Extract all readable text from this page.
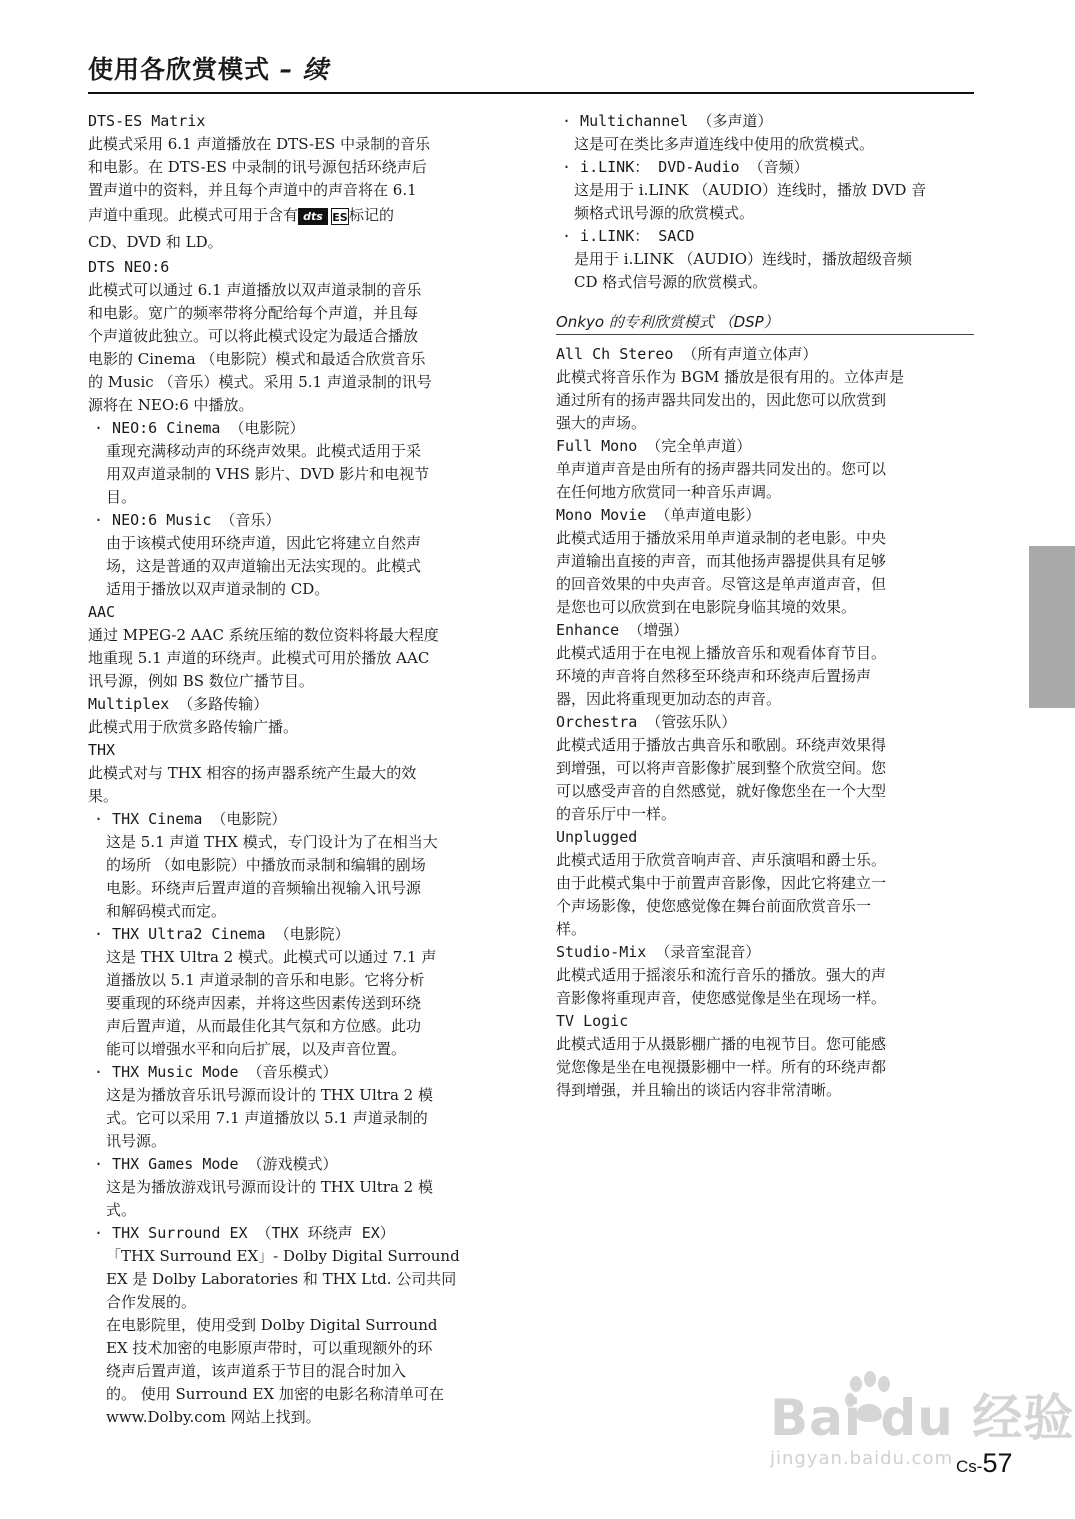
使用各欣赏模式 – 续

DTS-ES Matrix

此模式采用 6.1 声道播放在 DTS-ES 中录制的音乐

和电影。在 DTS-ES 中录制的讯号源包括环绕声后

置声道中的资料，并且每个声道中的声音将在 6.1

声道中重现。此模式可用于含有 dts ES标记的

CD、DVD 和 LD。

DTS NEO:6

此模式可以通过 6.1 声道播放以双声道录制的音乐

和电影。宽广的频率带将分配给每个声道，并且每

个声道彼此独立。可以将此模式设定为最适合播放

电影的 Cinema （电影院）模式和最适合欣赏音乐

的 Music （音乐）模式。采用 5.1 声道录制的讯号

源将在 NEO:6 中播放。

· NEO:6 Cinema （电影院）

重现充满移动声的环绕声效果。此模式适用于采

用双声道录制的 VHS 影片、DVD 影片和电视节

目。

· NEO:6 Music （音乐）

由于该模式使用环绕声道，因此它将建立自然声

场，这是普通的双声道输出无法实现的。此模式

适用于播放以双声道录制的 CD。

AAC

通过 MPEG-2 AAC 系统压缩的数位资料将最大程度

地重现 5.1 声道的环绕声。此模式可用於播放 AAC

讯号源，例如 BS 数位广播节目。

Multiplex （多路传输）

此模式用于欣赏多路传输广播。

THX

此模式对与 THX 相容的扬声器系统产生最大的效

果。

· THX Cinema （电影院）

这是 5.1 声道 THX 模式，专门设计为了在相当大

的场所 （如电影院）中播放而录制和编辑的剧场

电影。环绕声后置声道的音频输出视输入讯号源

和解码模式而定。

· THX Ultra2 Cinema （电影院）

这是 THX Ultra 2 模式。此模式可以通过 7.1 声

道播放以 5.1 声道录制的音乐和电影。它将分析

要重现的环绕声因素，并将这些因素传送到环绕

声后置声道，从而最佳化其气氛和方位感。此功

能可以增强水平和向后扩展，以及声音位置。

· THX Music Mode （音乐模式）

这是为播放音乐讯号源而设计的 THX Ultra 2 模

式。它可以采用 7.1 声道播放以 5.1 声道录制的

讯号源。

· THX Games Mode （游戏模式）

这是为播放游戏讯号源而设计的 THX Ultra 2 模

式。

· THX Surround EX （THX 环绕声 EX）

「THX Surround EX」- Dolby Digital Surround

EX 是 Dolby Laboratories 和 THX Ltd. 公司共同

合作发展的。

在电影院里，使用受到 Dolby Digital Surround

EX 技术加密的电影原声带时，可以重现额外的环

绕声后置声道，该声道系于节目的混合时加入

的。 使用 Surround EX 加密的电影名称清单可在

www.Dolby.com 网站上找到。

· Multichannel （多声道）

这是可在类比多声道连线中使用的欣赏模式。

· i.LINK： DVD-Audio （音频）

这是用于 i.LINK （AUDIO）连线时，播放 DVD 音

频格式讯号源的欣赏模式。

· i.LINK： SACD

是用于 i.LINK （AUDIO）连线时，播放超级音频

CD 格式信号源的欣赏模式。

Onkyo 的专利欣赏模式 （DSP）

All Ch Stereo （所有声道立体声）

此模式将音乐作为 BGM 播放是很有用的。立体声是

通过所有的扬声器共同发出的，因此您可以欣赏到

强大的声场。

Full Mono （完全单声道）

单声道声音是由所有的扬声器共同发出的。您可以

在任何地方欣赏同一种音乐声调。

Mono Movie （单声道电影）

此模式适用于播放采用单声道录制的老电影。中央

声道输出直接的声音，而其他扬声器提供具有足够

的回音效果的中央声音。尽管这是单声道声音，但

是您也可以欣赏到在电影院身临其境的效果。

Enhance （增强）

此模式适用于在电视上播放音乐和观看体育节目。

环境的声音将自然移至环绕声和环绕声后置扬声

器，因此将重现更加动态的声音。

Orchestra （管弦乐队）

此模式适用于播放古典音乐和歌剧。环绕声效果得

到增强，可以将声音影像扩展到整个欣赏空间。您

可以感受声音的自然感觉，就好像您坐在一个大型

的音乐厅中一样。

Unplugged

此模式适用于欣赏音响声音、声乐演唱和爵士乐。

由于此模式集中于前置声音影像，因此它将建立一

个声场影像，使您感觉像在舞台前面欣赏音乐一

样。

Studio-Mix （录音室混音）

此模式适用于摇滚乐和流行音乐的播放。强大的声

音影像将重现声音，使您感觉像是坐在现场一样。

TV Logic

此模式适用于从摄影棚广播的电视节目。您可能感

觉您像是坐在电视摄影棚中一样。所有的环绕声都

得到增强，并且输出的谈话内容非常清晰。

Bai du 经验
jingyan.baidu.com Cs-57
